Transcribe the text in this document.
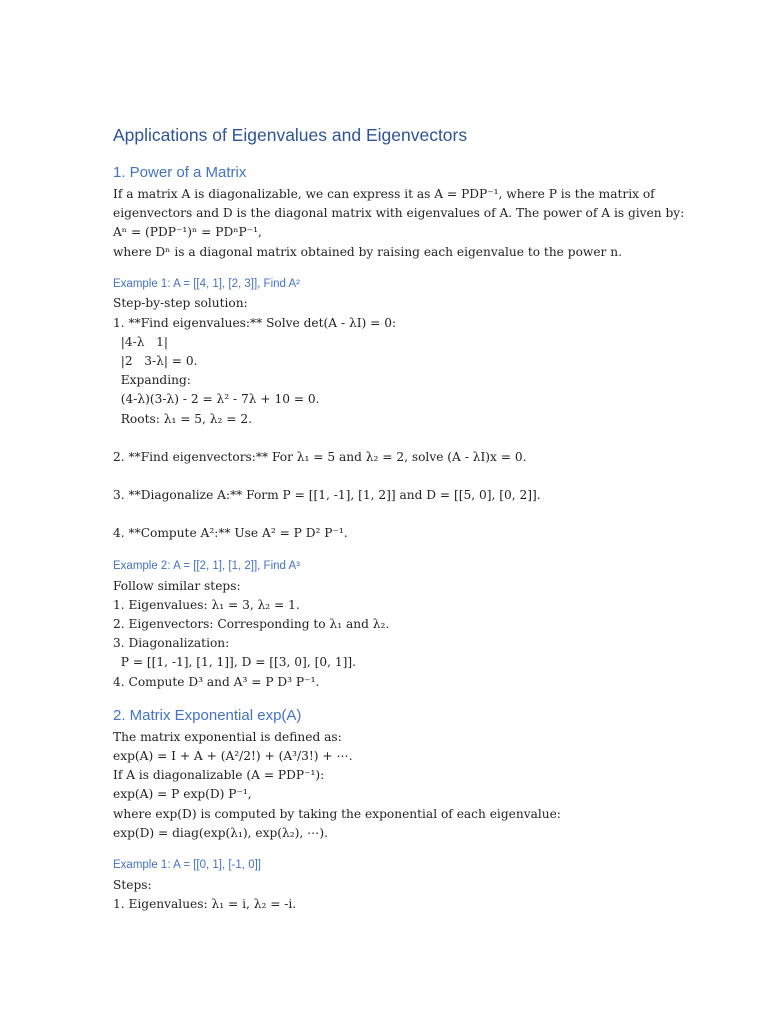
Applications of Eigenvalues and Eigenvectors
1. Power of a Matrix

If a matrix A is diagonalizable, we can express it as A = PDP⁻¹, where P is the matrix of

eigenvectors and D is the diagonal matrix with eigenvalues of A. The power of A is given by:

Aⁿ = (PDP⁻¹)ⁿ = PDⁿP⁻¹,

where Dⁿ is a diagonal matrix obtained by raising each eigenvalue to the power n.

Example 1: A = [[4, 1], [2, 3]], Find A²

Step-by-step solution:

1. **Find eigenvalues:** Solve det(A - λI) = 0:

|4-λ   1|

|2   3-λ| = 0.

Expanding:

(4-λ)(3-λ) - 2 = λ² - 7λ + 10 = 0.

Roots: λ₁ = 5, λ₂ = 2.

2. **Find eigenvectors:** For λ₁ = 5 and λ₂ = 2, solve (A - λI)x = 0.

3. **Diagonalize A:** Form P = [[1, -1], [1, 2]] and D = [[5, 0], [0, 2]].

4. **Compute A²:** Use A² = P D² P⁻¹.

Example 2: A = [[2, 1], [1, 2]], Find A³

Follow similar steps:

1. Eigenvalues: λ₁ = 3, λ₂ = 1.

2. Eigenvectors: Corresponding to λ₁ and λ₂.

3. Diagonalization:

P = [[1, -1], [1, 1]], D = [[3, 0], [0, 1]].

4. Compute D³ and A³ = P D³ P⁻¹.

2. Matrix Exponential exp(A)

The matrix exponential is defined as:

exp(A) = I + A + (A²/2!) + (A³/3!) + ⋯.

If A is diagonalizable (A = PDP⁻¹):

exp(A) = P exp(D) P⁻¹,

where exp(D) is computed by taking the exponential of each eigenvalue:

exp(D) = diag(exp(λ₁), exp(λ₂), ⋯).

Example 1: A = [[0, 1], [-1, 0]]

Steps:

1. Eigenvalues: λ₁ = i, λ₂ = -i.
